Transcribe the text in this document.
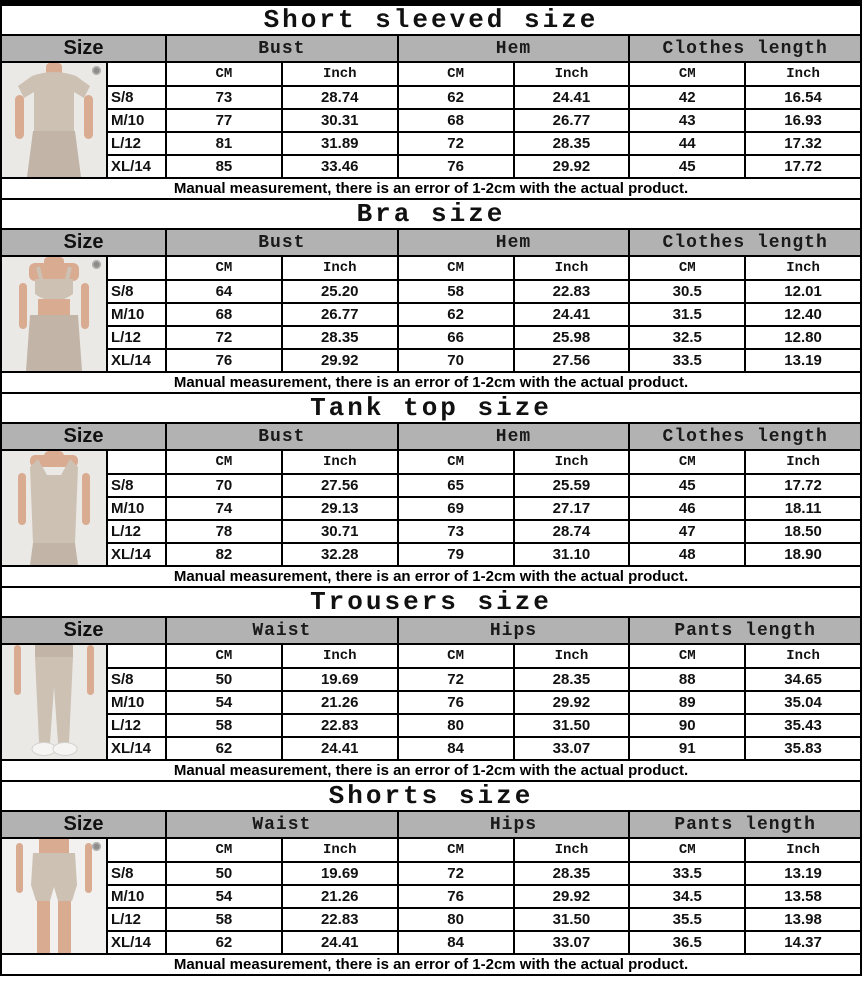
Short sleeved size
Size	Bust	Hem	Clothes length
CM	Inch	CM	Inch	CM	Inch
S/8	73	28.74	62	24.41	42	16.54
M/10	77	30.31	68	26.77	43	16.93
L/12	81	31.89	72	28.35	44	17.32
XL/14	85	33.46	76	29.92	45	17.72
Manual measurement, there is an error of 1-2cm with the actual product.
Bra size
Size	Bust	Hem	Clothes length
CM	Inch	CM	Inch	CM	Inch
S/8	64	25.20	58	22.83	30.5	12.01
M/10	68	26.77	62	24.41	31.5	12.40
L/12	72	28.35	66	25.98	32.5	12.80
XL/14	76	29.92	70	27.56	33.5	13.19
Manual measurement, there is an error of 1-2cm with the actual product.
Tank top size
Size	Bust	Hem	Clothes length
CM	Inch	CM	Inch	CM	Inch
S/8	70	27.56	65	25.59	45	17.72
M/10	74	29.13	69	27.17	46	18.11
L/12	78	30.71	73	28.74	47	18.50
XL/14	82	32.28	79	31.10	48	18.90
Manual measurement, there is an error of 1-2cm with the actual product.
Trousers size
Size	Waist	Hips	Pants length
CM	Inch	CM	Inch	CM	Inch
S/8	50	19.69	72	28.35	88	34.65
M/10	54	21.26	76	29.92	89	35.04
L/12	58	22.83	80	31.50	90	35.43
XL/14	62	24.41	84	33.07	91	35.83
Manual measurement, there is an error of 1-2cm with the actual product.
Shorts size
Size	Waist	Hips	Pants length
CM	Inch	CM	Inch	CM	Inch
S/8	50	19.69	72	28.35	33.5	13.19
M/10	54	21.26	76	29.92	34.5	13.58
L/12	58	22.83	80	31.50	35.5	13.98
XL/14	62	24.41	84	33.07	36.5	14.37
Manual measurement, there is an error of 1-2cm with the actual product.
